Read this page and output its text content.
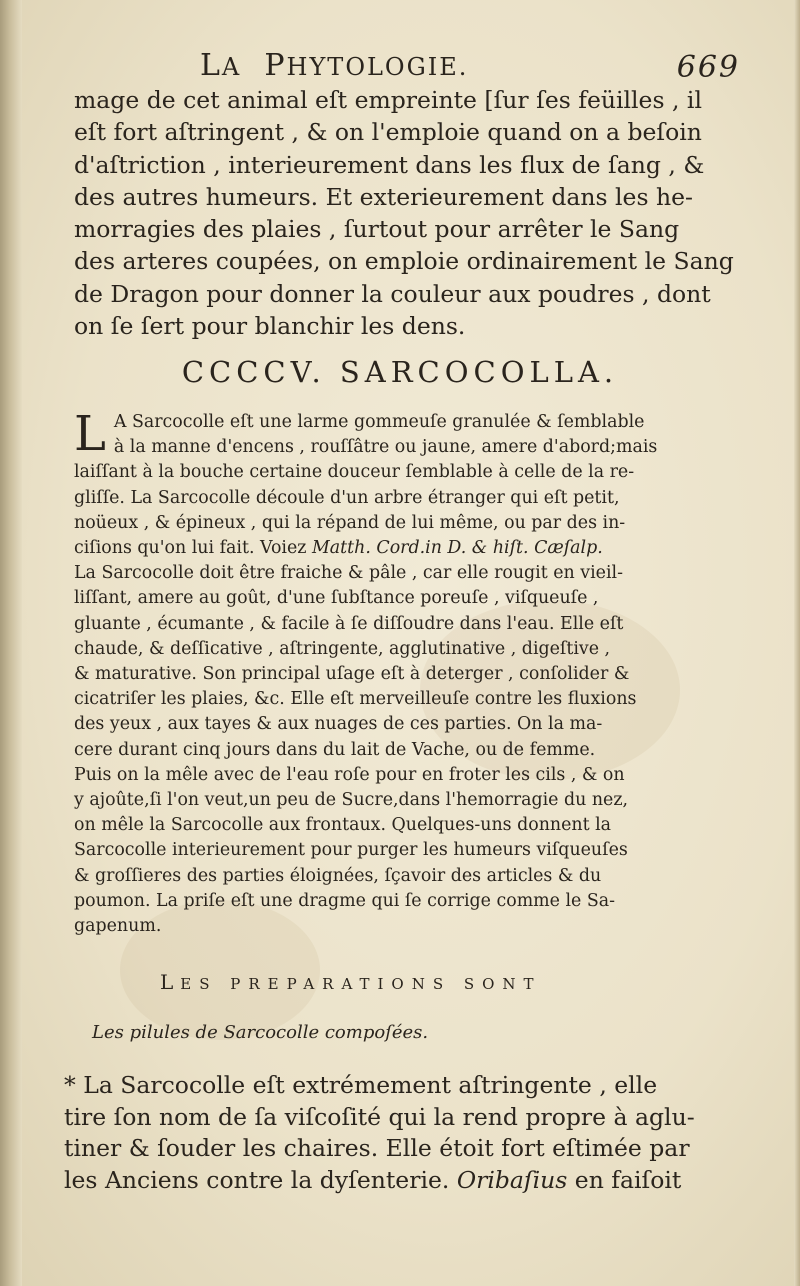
LA PHYTOLOGIE.	669
mage de cet animal eſt empreinte [ſur ſes feüilles , il
eſt fort aſtringent , & on l'emploie quand on a beſoin
d'aſtriction , interieurement dans les flux de ſang , &
des autres humeurs. Et exterieurement dans les he-
morragies des plaies , ſurtout pour arrêter le Sang
des arteres coupées, on emploie ordinairement le Sang
de Dragon pour donner la couleur aux poudres , dont
on ſe ſert pour blanchir les dens.
CCCCV. SARCOCOLLA.
L A Sarcocolle eſt une larme gommeuſe granulée & ſemblable
à la manne d'encens , rouſſâtre ou jaune, amere d'abord;mais
laiſſant à la bouche certaine douceur ſemblable à celle de la re-
gliſſe. La Sarcocolle découle d'un arbre étranger qui eſt petit,
noüeux , & épineux , qui la répand de lui même, ou par des in-
ciſions qu'on lui fait. Voiez Matth. Cord.in D. & hiſt. Cæſalp.
La Sarcocolle doit être fraiche & pâle , car elle rougit en vieil-
liſſant, amere au goût, d'une ſubſtance poreuſe , viſqueuſe ,
gluante , écumante , & facile à ſe diſſoudre dans l'eau. Elle eſt
chaude, & deſſicative , aſtringente, agglutinative , digeſtive ,
& maturative. Son principal uſage eſt à deterger , conſolider &
cicatriſer les plaies, &c. Elle eſt merveilleuſe contre les fluxions
des yeux , aux tayes & aux nuages de ces parties. On la ma-
cere durant cinq jours dans du lait de Vache, ou de femme.
Puis on la mêle avec de l'eau roſe pour en froter les cils , & on
y ajoûte,ſi l'on veut,un peu de Sucre,dans l'hemorragie du nez,
on mêle la Sarcocolle aux frontaux. Quelques-uns donnent la
Sarcocolle interieurement pour purger les humeurs viſqueuſes
& groſſieres des parties éloignées, ſçavoir des articles & du
poumon. La priſe eſt une dragme qui ſe corrige comme le Sa-
gapenum.
LES PREPARATIONS SONT
Les pilules de Sarcocolle compoſées.
* La Sarcocolle eſt extrémement aſtringente , elle
tire ſon nom de ſa viſcoſité qui la rend propre à aglu-
tiner & ſouder les chaires. Elle étoit fort eſtimée par
les Anciens contre la dyſenterie. Oribaſius en faiſoit
